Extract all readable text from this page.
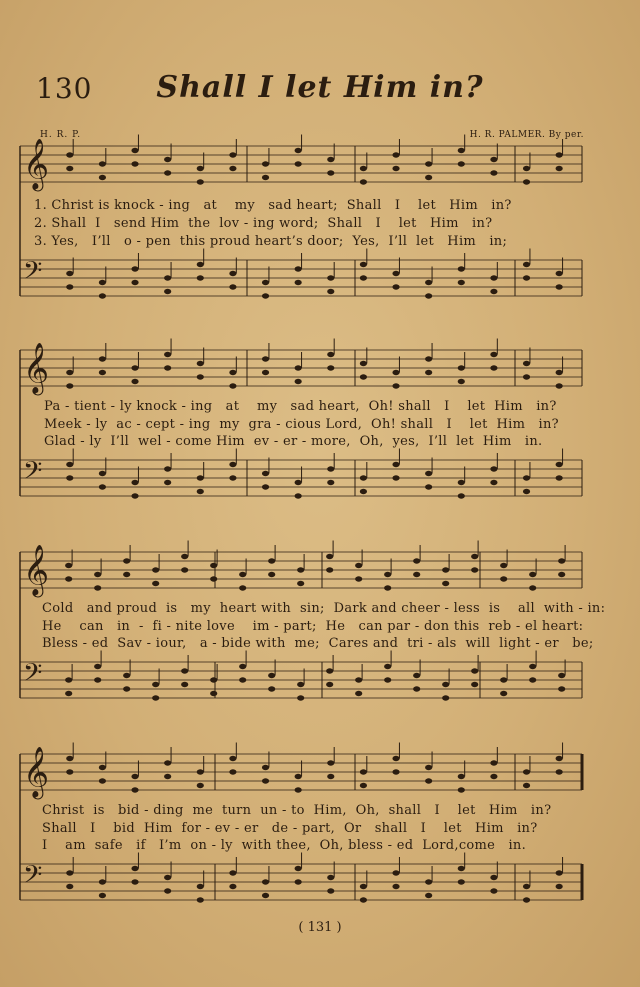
130	Shall I let Him in?
H. R. P.	H. R. PALMER. By per.
𝄞
𝄢
𝄞
𝄢
𝄞
𝄢
𝄞
𝄢
1. Christ is knock - ing   at    my   sad heart;  Shall   I    let   Him   in?
2. Shall  I   send Him  the  lov - ing word;  Shall   I    let   Him   in?
3. Yes,   I’ll   o - pen  this proud heart’s door;  Yes,  I’ll  let   Him   in;
Pa - tient - ly knock - ing   at    my   sad heart,  Oh! shall   I    let  Him   in?
Meek - ly  ac - cept - ing  my  gra - cious Lord,  Oh! shall   I    let  Him   in?
Glad - ly  I’ll  wel - come Him  ev - er - more,  Oh,  yes,  I’ll  let  Him   in.
Cold   and proud  is   my  heart with  sin;  Dark and cheer - less  is    all  with - in:
He    can   in  -  fi - nite love    im - part;  He   can par - don this  reb - el heart:
Bless - ed  Sav - iour,   a - bide with  me;  Cares and  tri - als  will  light - er   be;
Christ  is   bid - ding  me  turn  un - to  Him,  Oh,  shall   I    let   Him   in?
Shall   I    bid  Him  for - ev - er   de - part,  Or   shall   I    let   Him   in?
I    am  safe   if   I’m  on - ly  with thee,  Oh, bless - ed  Lord,come   in.
( 131 )
